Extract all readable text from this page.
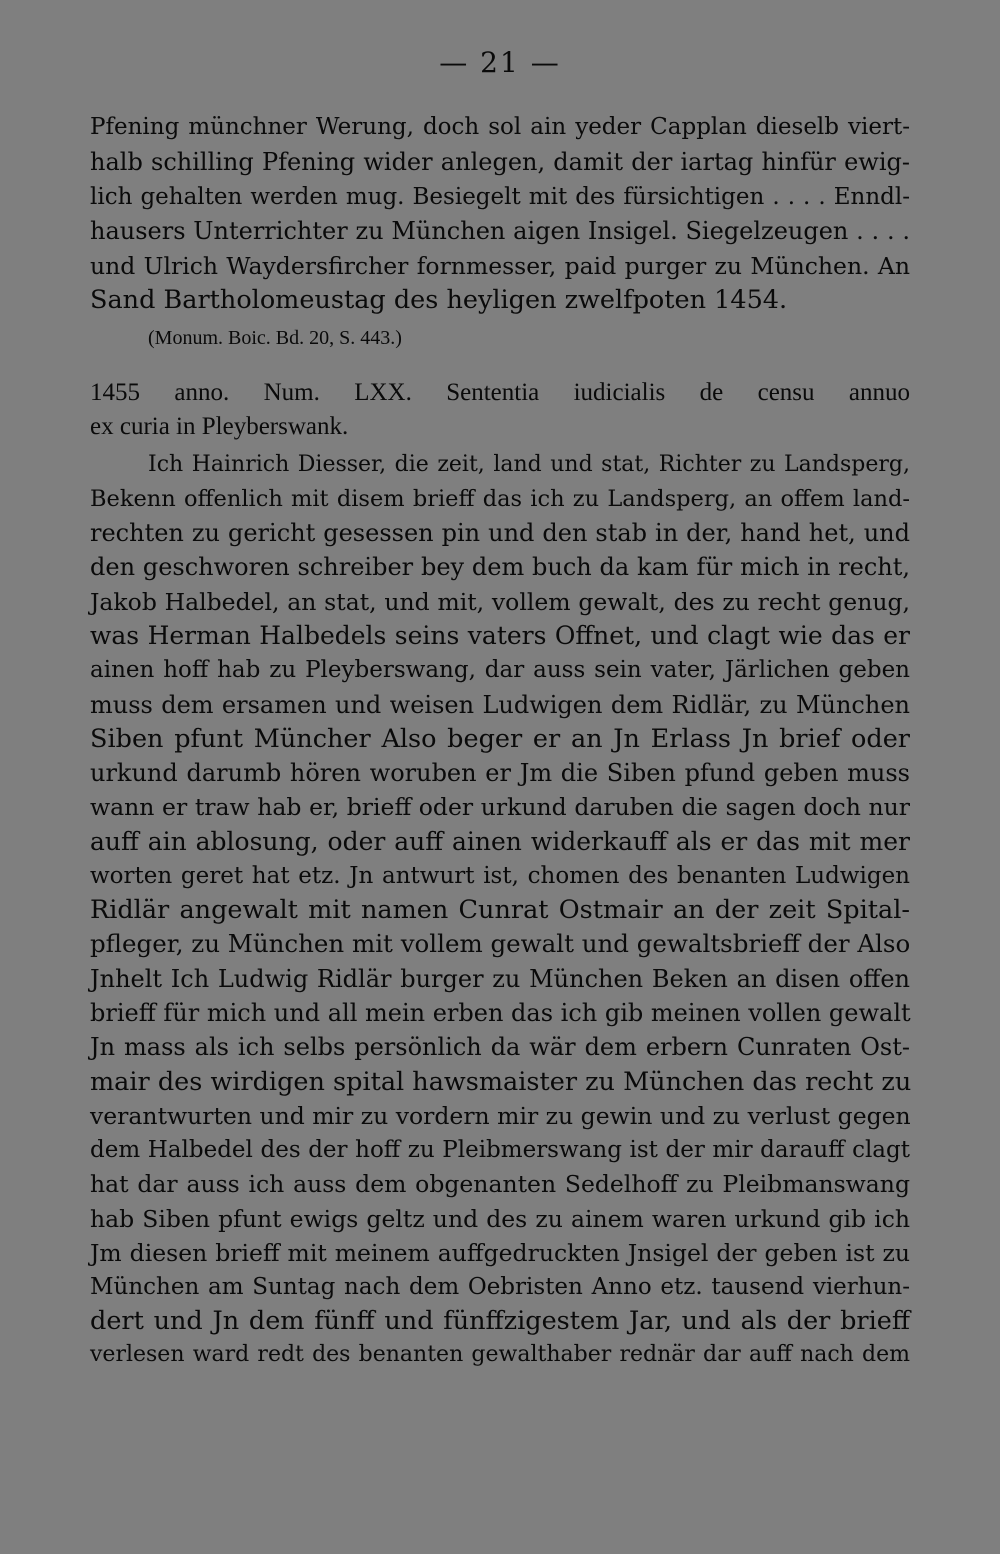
— 21 —
Pfening münchner Werung, doch sol ain yeder Capplan dieselb viert-
halb schilling Pfening wider anlegen, damit der iartag hinfür ewig-
lich gehalten werden mug. Besiegelt mit des fürsichtigen . . . . Enndl-
hausers Unterrichter zu München aigen Insigel. Siegelzeugen . . . .
und Ulrich Waydersfircher fornmesser, paid purger zu München. An
Sand Bartholomeustag des heyligen zwelfpoten 1454.
(Monum. Boic. Bd. 20, S. 443.)
1455 anno. Num. LXX. Sententia iudicialis de censu annuo
ex curia in Pleyberswank.
Ich Hainrich Diesser, die zeit, land und stat, Richter zu Landsperg,
Bekenn offenlich mit disem brieff das ich zu Landsperg, an offem land-
rechten zu gericht gesessen pin und den stab in der, hand het, und
den geschworen schreiber bey dem buch da kam für mich in recht,
Jakob Halbedel, an stat, und mit, vollem gewalt, des zu recht genug,
was Herman Halbedels seins vaters Offnet, und clagt wie das er
ainen hoff hab zu Pleyberswang, dar auss sein vater, Järlichen geben
muss dem ersamen und weisen Ludwigen dem Ridlär, zu München
Siben pfunt Müncher Also beger er an Jn Erlass Jn brief oder
urkund darumb hören woruben er Jm die Siben pfund geben muss
wann er traw hab er, brieff oder urkund daruben die sagen doch nur
auff ain ablosung, oder auff ainen widerkauff als er das mit mer
worten geret hat etz. Jn antwurt ist, chomen des benanten Ludwigen
Ridlär angewalt mit namen Cunrat Ostmair an der zeit Spital-
pfleger, zu München mit vollem gewalt und gewaltsbrieff der Also
Jnhelt Ich Ludwig Ridlär burger zu München Beken an disen offen
brieff für mich und all mein erben das ich gib meinen vollen gewalt
Jn mass als ich selbs persönlich da wär dem erbern Cunraten Ost-
mair des wirdigen spital hawsmaister zu München das recht zu
verantwurten und mir zu vordern mir zu gewin und zu verlust gegen
dem Halbedel des der hoff zu Pleibmerswang ist der mir darauff clagt
hat dar auss ich auss dem obgenanten Sedelhoff zu Pleibmanswang
hab Siben pfunt ewigs geltz und des zu ainem waren urkund gib ich
Jm diesen brieff mit meinem auffgedruckten Jnsigel der geben ist zu
München am Suntag nach dem Oebristen Anno etz. tausend vierhun-
dert und Jn dem fünff und fünffzigestem Jar, und als der brieff
verlesen ward redt des benanten gewalthaber rednär dar auff nach dem
